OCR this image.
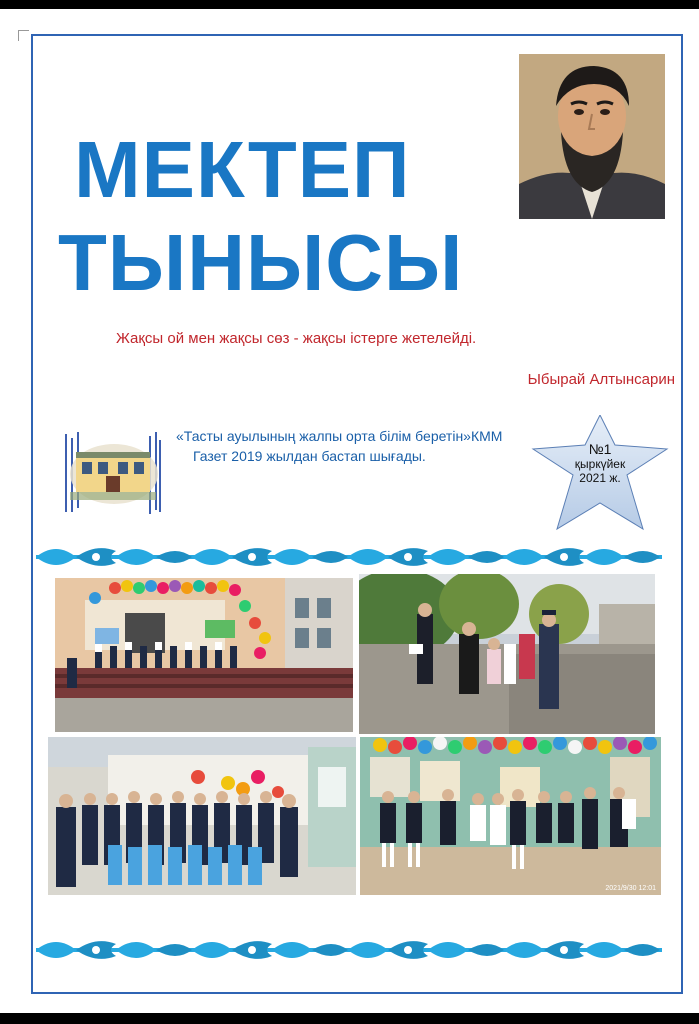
МЕКТЕП
ТЫНЫСЫ
Жақсы ой мен жақсы сөз - жақсы істерге жетелейді.
Ыбырай Алтынсарин
«Тасты ауылының жалпы орта білім беретін»КММ
Газет 2019 жылдан бастап шығады.	№1
қыркүйек
2021 ж.
2021/9/30 12:01
